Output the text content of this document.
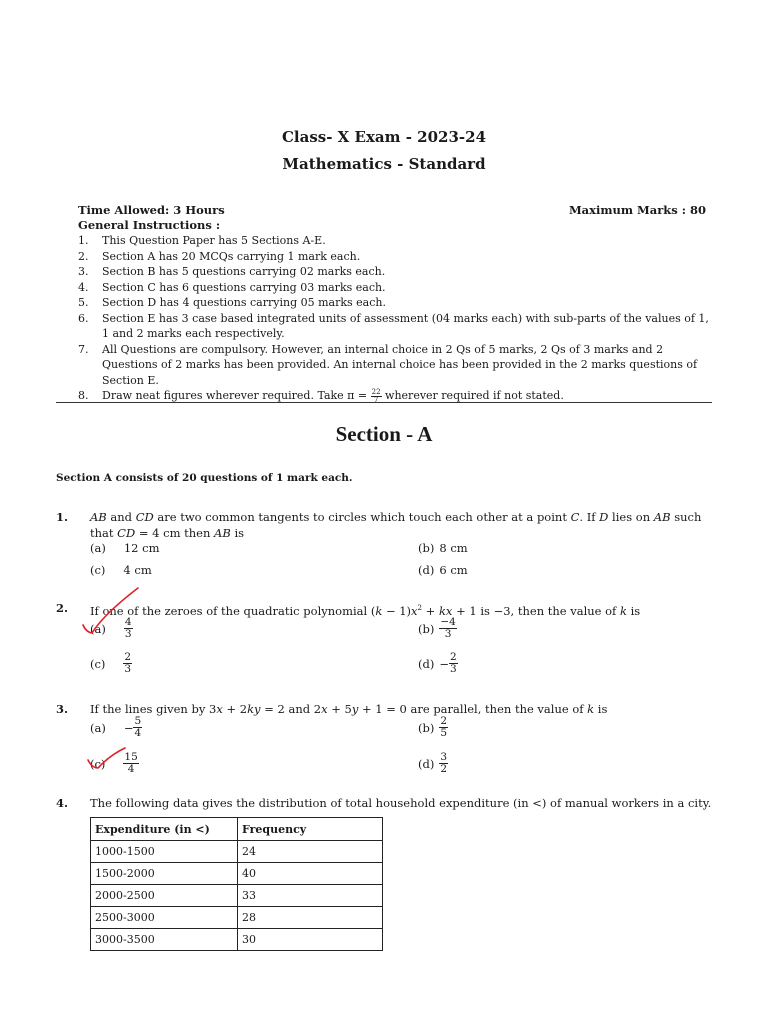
Class- X Exam - 2023-24
Mathematics - Standard
Time Allowed: 3 Hours	Maximum Marks : 80
General Instructions :
1.	This Question Paper has 5 Sections A-E.
2.	Section A has 20 MCQs carrying 1 mark each.
3.	Section B has 5 questions carrying 02 marks each.
4.	Section C has 6 questions carrying 03 marks each.
5.	Section D has 4 questions carrying 05 marks each.
6.	Section E has 3 case based integrated units of assessment (04 marks each) with sub-parts of the values of 1, 1 and 2 marks each respectively.
7.	All Questions are compulsory. However, an internal choice in 2 Qs of 5 marks, 2 Qs of 3 marks and 2 Questions of 2 marks has been provided. An internal choice has been provided in the 2 marks questions of Section E.
8.	Draw neat figures wherever required. Take $\pi = \frac{22}{7}$ wherever required if not stated.
Section - A
Section A consists of 20 questions of 1 mark each.
1. AB and CD are two common tangents to circles which touch each other at a point C. If D lies on AB such that CD = 4 cm then AB is
(a) 12 cm	(b) 8 cm
(c) 4 cm	(d) 6 cm
2. If one of the zeroes of the quadratic polynomial $(k - 1)x^2$ + kx + 1 is −3, then the value of k is
$(a) \frac{4}{3}$	$(b) \frac{-4}{3}$
$(c) \frac{2}{3}$	$(d) - \frac{2}{3}$
3. If the lines given by 3x + 2ky = 2 and 2x + 5y + 1 = 0 are parallel, then the value of k is
$(a) - \frac{5}{4}$	$(b) \frac{2}{5}$
$(c) \frac{15}{4}$	$(d) \frac{3}{2}$
4. The following data gives the distribution of total household expenditure (in <) of manual workers in a city.
Expenditure (in <)	Frequency
1000-1500	24
1500-2000	40
2000-2500	33
2500-3000	28
3000-3500	30
